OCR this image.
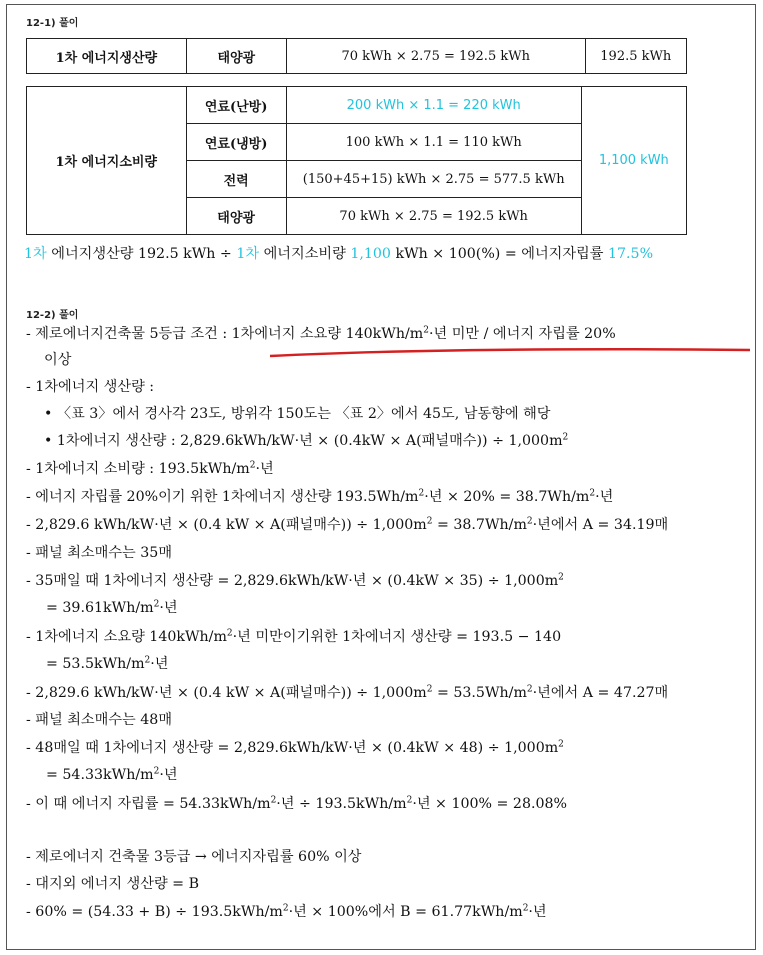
12-1) 풀이
1차 에너지생산량	태양광	70 kWh × 2.75 = 192.5 kWh	192.5 kWh
1차 에너지소비량	연료(난방)	200 kWh × 1.1 = 220 kWh	1,100 kWh
	연료(냉방)	100 kWh × 1.1 = 110 kWh	
	전력	(150+45+15) kWh × 2.75 = 577.5 kWh	
	태양광	70 kWh × 2.75 = 192.5 kWh	
1차 에너지생산량 192.5 kWh ÷ 1차 에너지소비량 1,100 kWh × 100(%) = 에너지자립률 17.5%
12-2) 풀이
- 제로에너지건축물 5등급 조건 : 1차에너지 소요량 $140kWh/m^2\cdot$년 미만 / 에너지 자립률 20%
이상
- 1차에너지 생산량 :
• 〈표 3〉에서 경사각 23도, 방위각 150도는 〈표 2〉에서 45도, 남동향에 해당
• 1차에너지 생산량 : 2,829.6kWh/kW·년 × (0.4kW × A(패널매수)) ÷ $1,000m^2$
- 1차에너지 소비량 : $193.5kWh/m^2\cdot$년
- 에너지 자립률 20%이기 위한 1차에너지 생산량 $193.5Wh/m^2\cdot$년 × $20\% = 38.7Wh/m^2\cdot$년
- 2,829.6 kWh/kW·년 × (0.4 kW × A(패널매수)) ÷ $1,000m^2 = 38.7Wh/m^2\cdot$년에서 A = 34.19매
- 패널 최소매수는 35매
- 35매일 때 1차에너지 생산량 = 2,829.6kWh/kW·년 × $(0.4kW \times 35) \div 1,000m^2$
= $39.61kWh/m^2\cdot$년
- 1차에너지 소요량 $140kWh/m^2\cdot$년 미만이기위한 1차에너지 생산량 = 193.5 − 140
= $53.5kWh/m^2\cdot$년
- 2,829.6 kWh/kW·년 × (0.4 kW × A(패널매수)) ÷ $1,000m^2 = 53.5Wh/m^2\cdot$년에서 A = 47.27매
- 패널 최소매수는 48매
- 48매일 때 1차에너지 생산량 = 2,829.6kWh/kW·년 × $(0.4kW \times 48) \div 1,000m^2$
= $54.33kWh/m^2\cdot$년
- 이 때 에너지 자립률 = $54.33kWh/m^2\cdot$년 ÷ $193.5kWh/m^2\cdot$년 × 100% = 28.08%
- 제로에너지 건축물 3등급 → 에너지자립률 60% 이상
- 대지외 에너지 생산량 = B
- $60\% = (54.33 + B) \div 193.5kWh/m^2\cdot$년 × 100%에서 $B = 61.77kWh/m^2\cdot$년
